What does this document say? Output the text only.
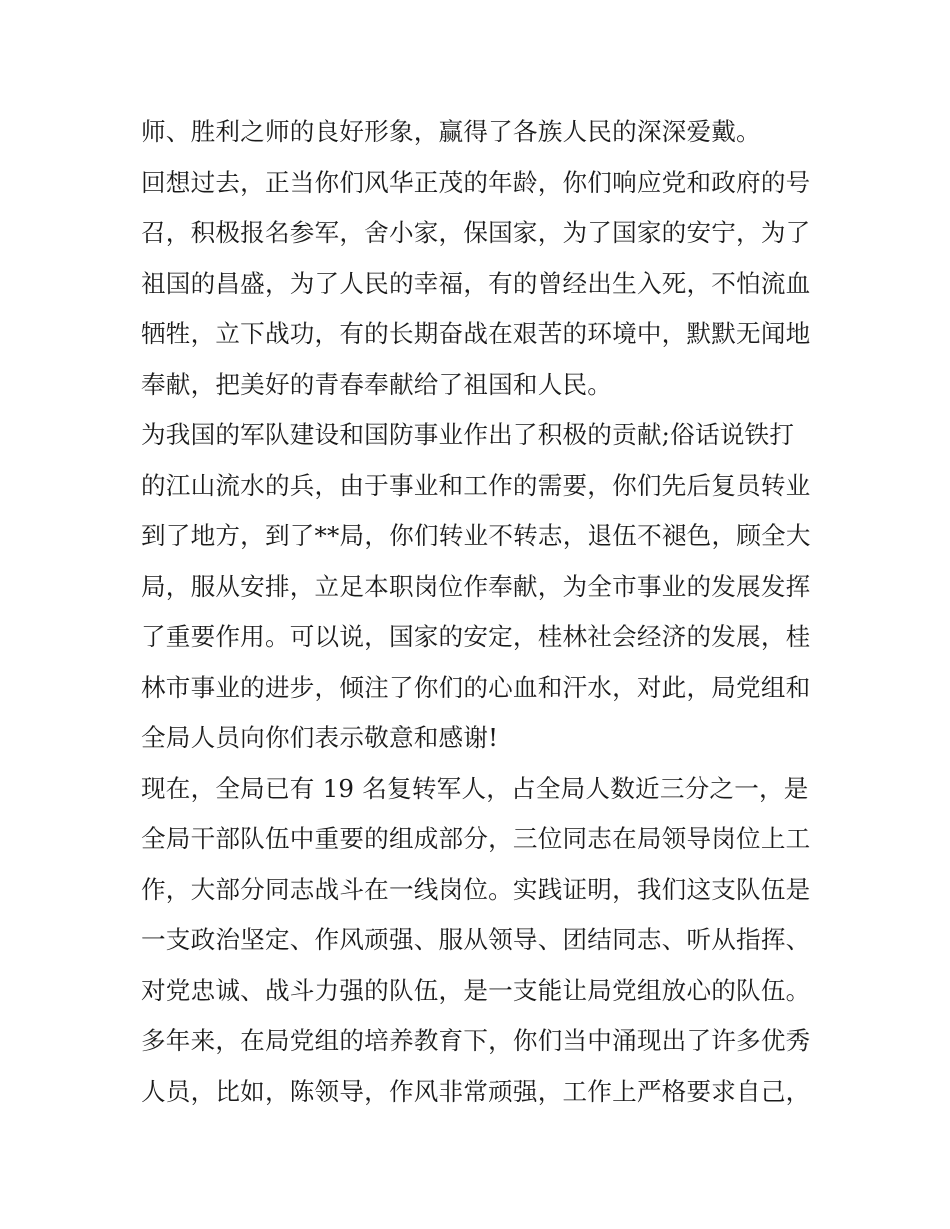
师、胜利之师的良好形象，赢得了各族人民的深深爱戴。
回想过去，正当你们风华正茂的年龄，你们响应党和政府的号
召，积极报名参军，舍小家，保国家，为了国家的安宁，为了
祖国的昌盛，为了人民的幸福，有的曾经出生入死，不怕流血
牺牲，立下战功，有的长期奋战在艰苦的环境中，默默无闻地
奉献，把美好的青春奉献给了祖国和人民。
为我国的军队建设和国防事业作出了积极的贡献;俗话说铁打
的江山流水的兵，由于事业和工作的需要，你们先后复员转业
到了地方，到了**局，你们转业不转志，退伍不褪色，顾全大
局，服从安排，立足本职岗位作奉献，为全市事业的发展发挥
了重要作用。可以说，国家的安定，桂林社会经济的发展，桂
林市事业的进步，倾注了你们的心血和汗水，对此，局党组和
全局人员向你们表示敬意和感谢!
现在，全局已有 19 名复转军人，占全局人数近三分之一，是
全局干部队伍中重要的组成部分，三位同志在局领导岗位上工
作，大部分同志战斗在一线岗位。实践证明，我们这支队伍是
一支政治坚定、作风顽强、服从领导、团结同志、听从指挥、
对党忠诚、战斗力强的队伍，是一支能让局党组放心的队伍。
多年来，在局党组的培养教育下，你们当中涌现出了许多优秀
人员，比如，陈领导，作风非常顽强，工作上严格要求自己，
